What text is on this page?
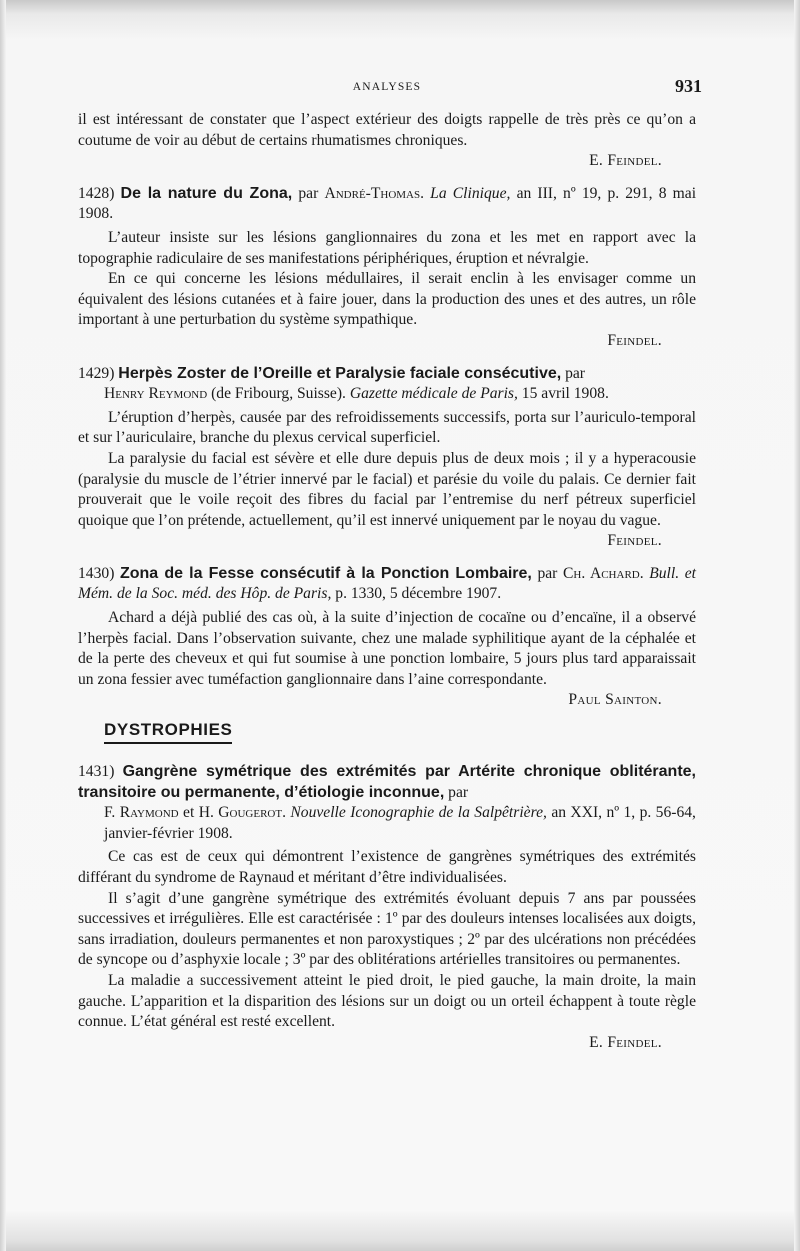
ANALYSES	931

il est intéressant de constater que l’aspect extérieur des doigts rappelle de très près ce qu’on a coutume de voir au début de certains rhumatismes chroniques.

E. Feindel.

1428) De la nature du Zona, par André-Thomas. La Clinique, an III, nº 19, p. 291, 8 mai 1908.

L’auteur insiste sur les lésions ganglionnaires du zona et les met en rapport avec la topographie radiculaire de ses manifestations périphériques, éruption et névralgie.

En ce qui concerne les lésions médullaires, il serait enclin à les envisager comme un équivalent des lésions cutanées et à faire jouer, dans la production des unes et des autres, un rôle important à une perturbation du système sympathique.

Feindel.

1429) Herpès Zoster de l’Oreille et Paralysie faciale consécutive, par
Henry Reymond (de Fribourg, Suisse). Gazette médicale de Paris, 15 avril 1908.

L’éruption d’herpès, causée par des refroidissements successifs, porta sur l’auriculo-temporal et sur l’auriculaire, branche du plexus cervical superficiel.

La paralysie du facial est sévère et elle dure depuis plus de deux mois ; il y a hyperacousie (paralysie du muscle de l’étrier innervé par le facial) et parésie du voile du palais. Ce dernier fait prouverait que le voile reçoit des fibres du facial par l’entremise du nerf pétreux superficiel quoique que l’on prétende, actuellement, qu’il est innervé uniquement par le noyau du vague.

Feindel.

1430) Zona de la Fesse consécutif à la Ponction Lombaire, par Ch. Achard. Bull. et Mém. de la Soc. méd. des Hôp. de Paris, p. 1330, 5 décembre 1907.

Achard a déjà publié des cas où, à la suite d’injection de cocaïne ou d’encaïne, il a observé l’herpès facial. Dans l’observation suivante, chez une malade syphilitique ayant de la céphalée et de la perte des cheveux et qui fut soumise à une ponction lombaire, 5 jours plus tard apparaissait un zona fessier avec tuméfaction ganglionnaire dans l’aine correspondante.
Paul Sainton.

DYSTROPHIES

1431) Gangrène symétrique des extrémités par Artérite chronique oblitérante, transitoire ou permanente, d’étiologie inconnue, par
F. Raymond et H. Gougerot. Nouvelle Iconographie de la Salpêtrière, an XXI, nº 1, p. 56-64, janvier-février 1908.

Ce cas est de ceux qui démontrent l’existence de gangrènes symétriques des extrémités différant du syndrome de Raynaud et méritant d’être individualisées.

Il s’agit d’une gangrène symétrique des extrémités évoluant depuis 7 ans par poussées successives et irrégulières. Elle est caractérisée : 1º par des douleurs intenses localisées aux doigts, sans irradiation, douleurs permanentes et non paroxystiques ; 2º par des ulcérations non précédées de syncope ou d’asphyxie locale ; 3º par des oblitérations artérielles transitoires ou permanentes.

La maladie a successivement atteint le pied droit, le pied gauche, la main droite, la main gauche. L’apparition et la disparition des lésions sur un doigt ou un orteil échappent à toute règle connue. L’état général est resté excellent.

E. Feindel.
